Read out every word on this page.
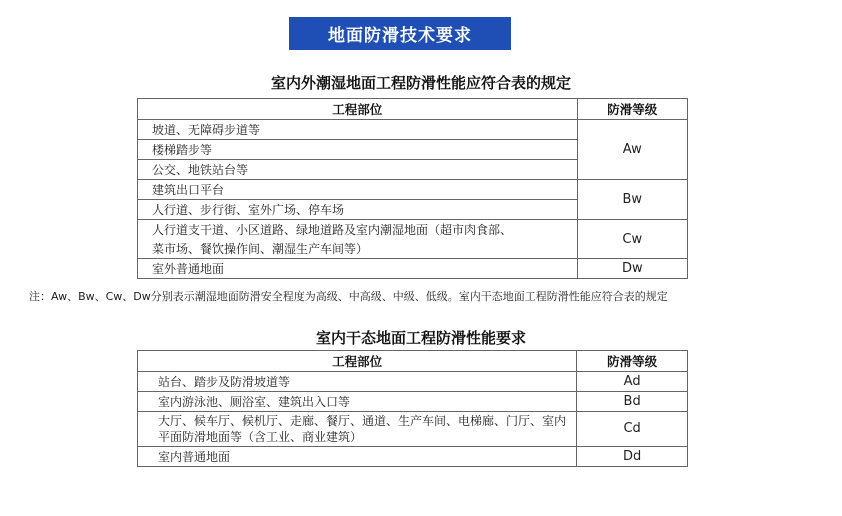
地面防滑技术要求
室内外潮湿地面工程防滑性能应符合表的规定
工程部位	防滑等级
坡道、无障碍步道等	Aw
楼梯踏步等	
公交、地铁站台等	
建筑出口平台	Bw
人行道、步行街、室外广场、停车场	
人行道支干道、小区道路、绿地道路及室内潮湿地面（超市肉食部、	Cw
菜市场、餐饮操作间、潮湿生产车间等）	
室外普通地面	Dw
注：Aw、Bw、Cw、Dw分别表示潮湿地面防滑安全程度为高级、中高级、中级、低级。室内干态地面工程防滑性能应符合表的规定
室内干态地面工程防滑性能要求
工程部位	防滑等级
站台、踏步及防滑坡道等	Ad
室内游泳池、厕浴室、建筑出入口等	Bd
大厅、候车厅、候机厅、走廊、餐厅、通道、生产车间、电梯廊、门厅、室内平面防滑地面等（含工业、商业建筑）	Cd
室内普通地面	Dd
